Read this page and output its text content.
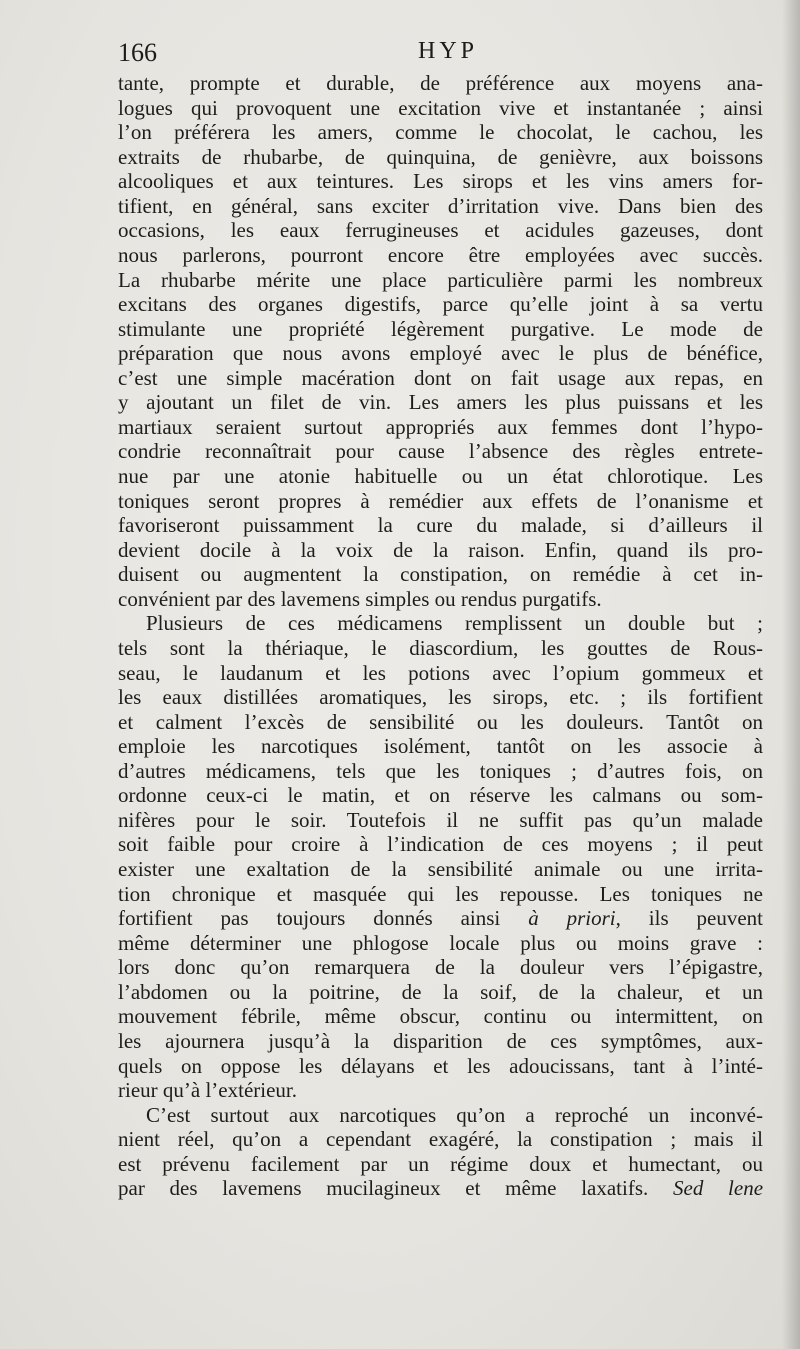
166	HYP
tante, prompte et durable, de préférence aux moyens ana-
logues qui provoquent une excitation vive et instantanée ; ainsi
l’on préférera les amers, comme le chocolat, le cachou, les
extraits de rhubarbe, de quinquina, de genièvre, aux boissons
alcooliques et aux teintures. Les sirops et les vins amers for-
tifient, en général, sans exciter d’irritation vive. Dans bien des
occasions, les eaux ferrugineuses et acidules gazeuses, dont
nous parlerons, pourront encore être employées avec succès.
La rhubarbe mérite une place particulière parmi les nombreux
excitans des organes digestifs, parce qu’elle joint à sa vertu
stimulante une propriété légèrement purgative. Le mode de
préparation que nous avons employé avec le plus de bénéfice,
c’est une simple macération dont on fait usage aux repas, en
y ajoutant un filet de vin. Les amers les plus puissans et les
martiaux seraient surtout appropriés aux femmes dont l’hypo-
condrie reconnaîtrait pour cause l’absence des règles entrete-
nue par une atonie habituelle ou un état chlorotique. Les
toniques seront propres à remédier aux effets de l’onanisme et
favoriseront puissamment la cure du malade, si d’ailleurs il
devient docile à la voix de la raison. Enfin, quand ils pro-
duisent ou augmentent la constipation, on remédie à cet in-
convénient par des lavemens simples ou rendus purgatifs.
Plusieurs de ces médicamens remplissent un double but ;
tels sont la thériaque, le diascordium, les gouttes de Rous-
seau, le laudanum et les potions avec l’opium gommeux et
les eaux distillées aromatiques, les sirops, etc. ; ils fortifient
et calment l’excès de sensibilité ou les douleurs. Tantôt on
emploie les narcotiques isolément, tantôt on les associe à
d’autres médicamens, tels que les toniques ; d’autres fois, on
ordonne ceux-ci le matin, et on réserve les calmans ou som-
nifères pour le soir. Toutefois il ne suffit pas qu’un malade
soit faible pour croire à l’indication de ces moyens ; il peut
exister une exaltation de la sensibilité animale ou une irrita-
tion chronique et masquée qui les repousse. Les toniques ne
fortifient pas toujours donnés ainsi à priori, ils peuvent
même déterminer une phlogose locale plus ou moins grave :
lors donc qu’on remarquera de la douleur vers l’épigastre,
l’abdomen ou la poitrine, de la soif, de la chaleur, et un
mouvement fébrile, même obscur, continu ou intermittent, on
les ajournera jusqu’à la disparition de ces symptômes, aux-
quels on oppose les délayans et les adoucissans, tant à l’inté-
rieur qu’à l’extérieur.
C’est surtout aux narcotiques qu’on a reproché un inconvé-
nient réel, qu’on a cependant exagéré, la constipation ; mais il
est prévenu facilement par un régime doux et humectant, ou
par des lavemens mucilagineux et même laxatifs. Sed lene
